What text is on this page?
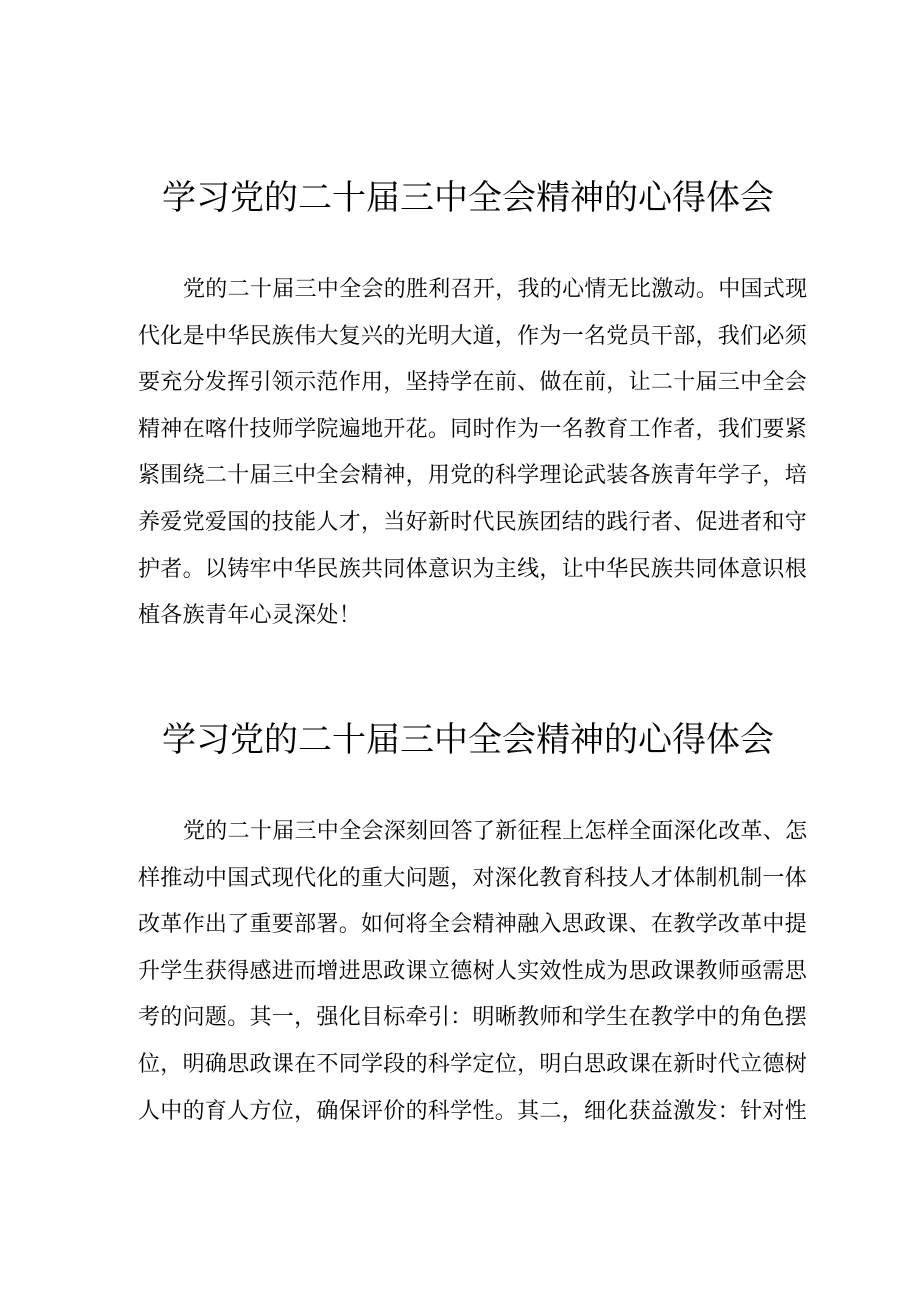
学习党的二十届三中全会精神的心得体会
党的二十届三中全会的胜利召开，我的心情无比激动。中国式现
代化是中华民族伟大复兴的光明大道，作为一名党员干部，我们必须
要充分发挥引领示范作用，坚持学在前、做在前，让二十届三中全会
精神在喀什技师学院遍地开花。同时作为一名教育工作者，我们要紧
紧围绕二十届三中全会精神，用党的科学理论武装各族青年学子，培
养爱党爱国的技能人才，当好新时代民族团结的践行者、促进者和守
护者。以铸牢中华民族共同体意识为主线，让中华民族共同体意识根
植各族青年心灵深处！
学习党的二十届三中全会精神的心得体会
党的二十届三中全会深刻回答了新征程上怎样全面深化改革、怎
样推动中国式现代化的重大问题，对深化教育科技人才体制机制一体
改革作出了重要部署。如何将全会精神融入思政课、在教学改革中提
升学生获得感进而增进思政课立德树人实效性成为思政课教师亟需思
考的问题。其一，强化目标牵引：明晰教师和学生在教学中的角色摆
位，明确思政课在不同学段的科学定位，明白思政课在新时代立德树
人中的育人方位，确保评价的科学性。其二，细化获益激发：针对性
